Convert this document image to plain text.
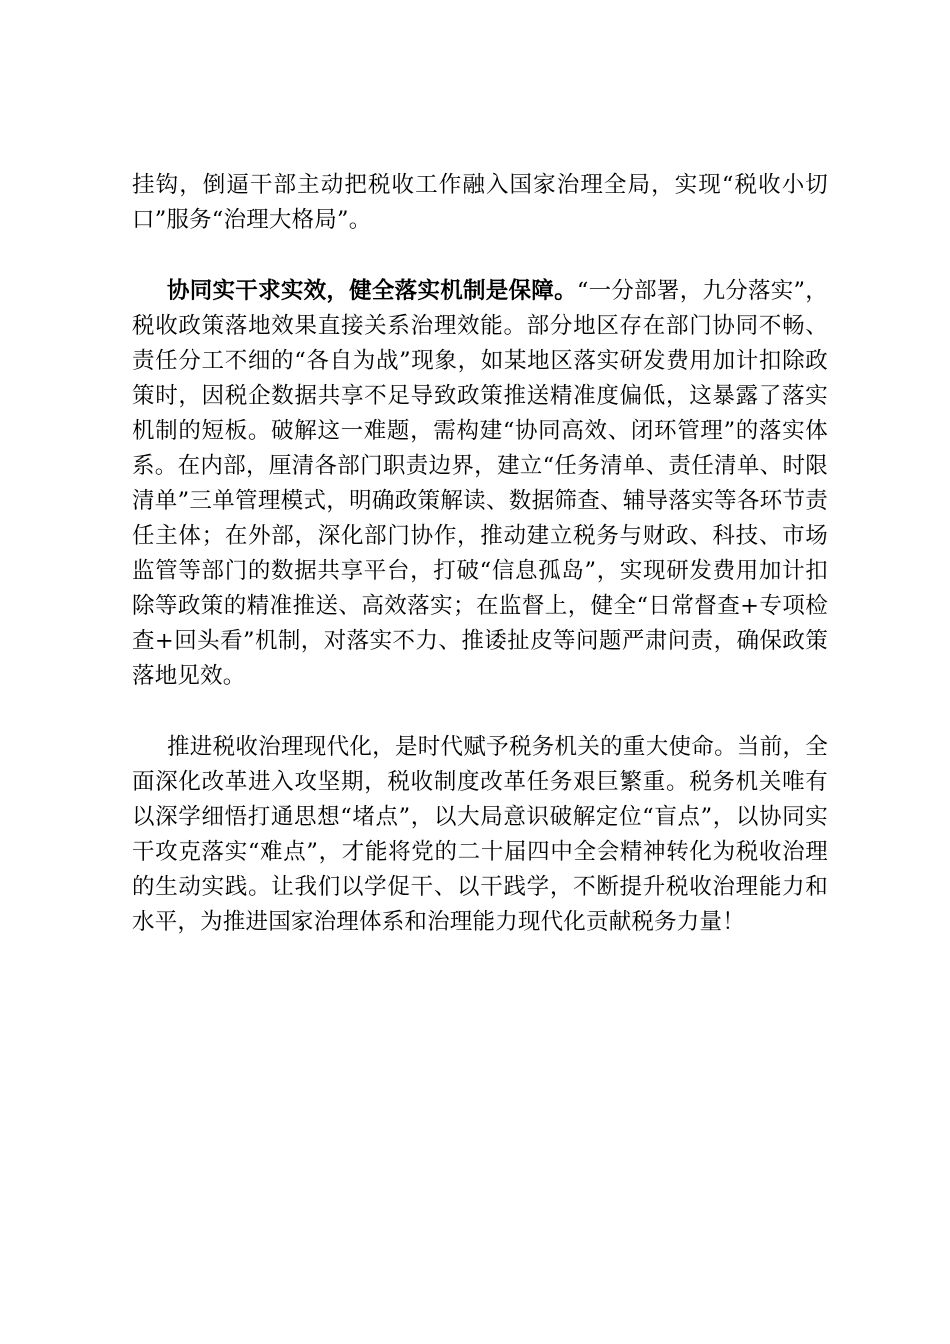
挂钩，倒逼干部主动把税收工作融入国家治理全局，实现“税收小切口”服务“治理大格局”。

协同实干求实效，健全落实机制是保障。“一分部署，九分落实”，税收政策落地效果直接关系治理效能。部分地区存在部门协同不畅、责任分工不细的“各自为战”现象，如某地区落实研发费用加计扣除政策时，因税企数据共享不足导致政策推送精准度偏低，这暴露了落实机制的短板。破解这一难题，需构建“协同高效、闭环管理”的落实体系。在内部，厘清各部门职责边界，建立“任务清单、责任清单、时限清单”三单管理模式，明确政策解读、数据筛查、辅导落实等各环节责任主体；在外部，深化部门协作，推动建立税务与财政、科技、市场监管等部门的数据共享平台，打破“信息孤岛”，实现研发费用加计扣除等政策的精准推送、高效落实；在监督上，健全“日常督查+专项检查+回头看”机制，对落实不力、推诿扯皮等问题严肃问责，确保政策落地见效。

推进税收治理现代化，是时代赋予税务机关的重大使命。当前，全面深化改革进入攻坚期，税收制度改革任务艰巨繁重。税务机关唯有以深学细悟打通思想“堵点”，以大局意识破解定位“盲点”，以协同实干攻克落实“难点”，才能将党的二十届四中全会精神转化为税收治理的生动实践。让我们以学促干、以干践学，不断提升税收治理能力和水平，为推进国家治理体系和治理能力现代化贡献税务力量！
